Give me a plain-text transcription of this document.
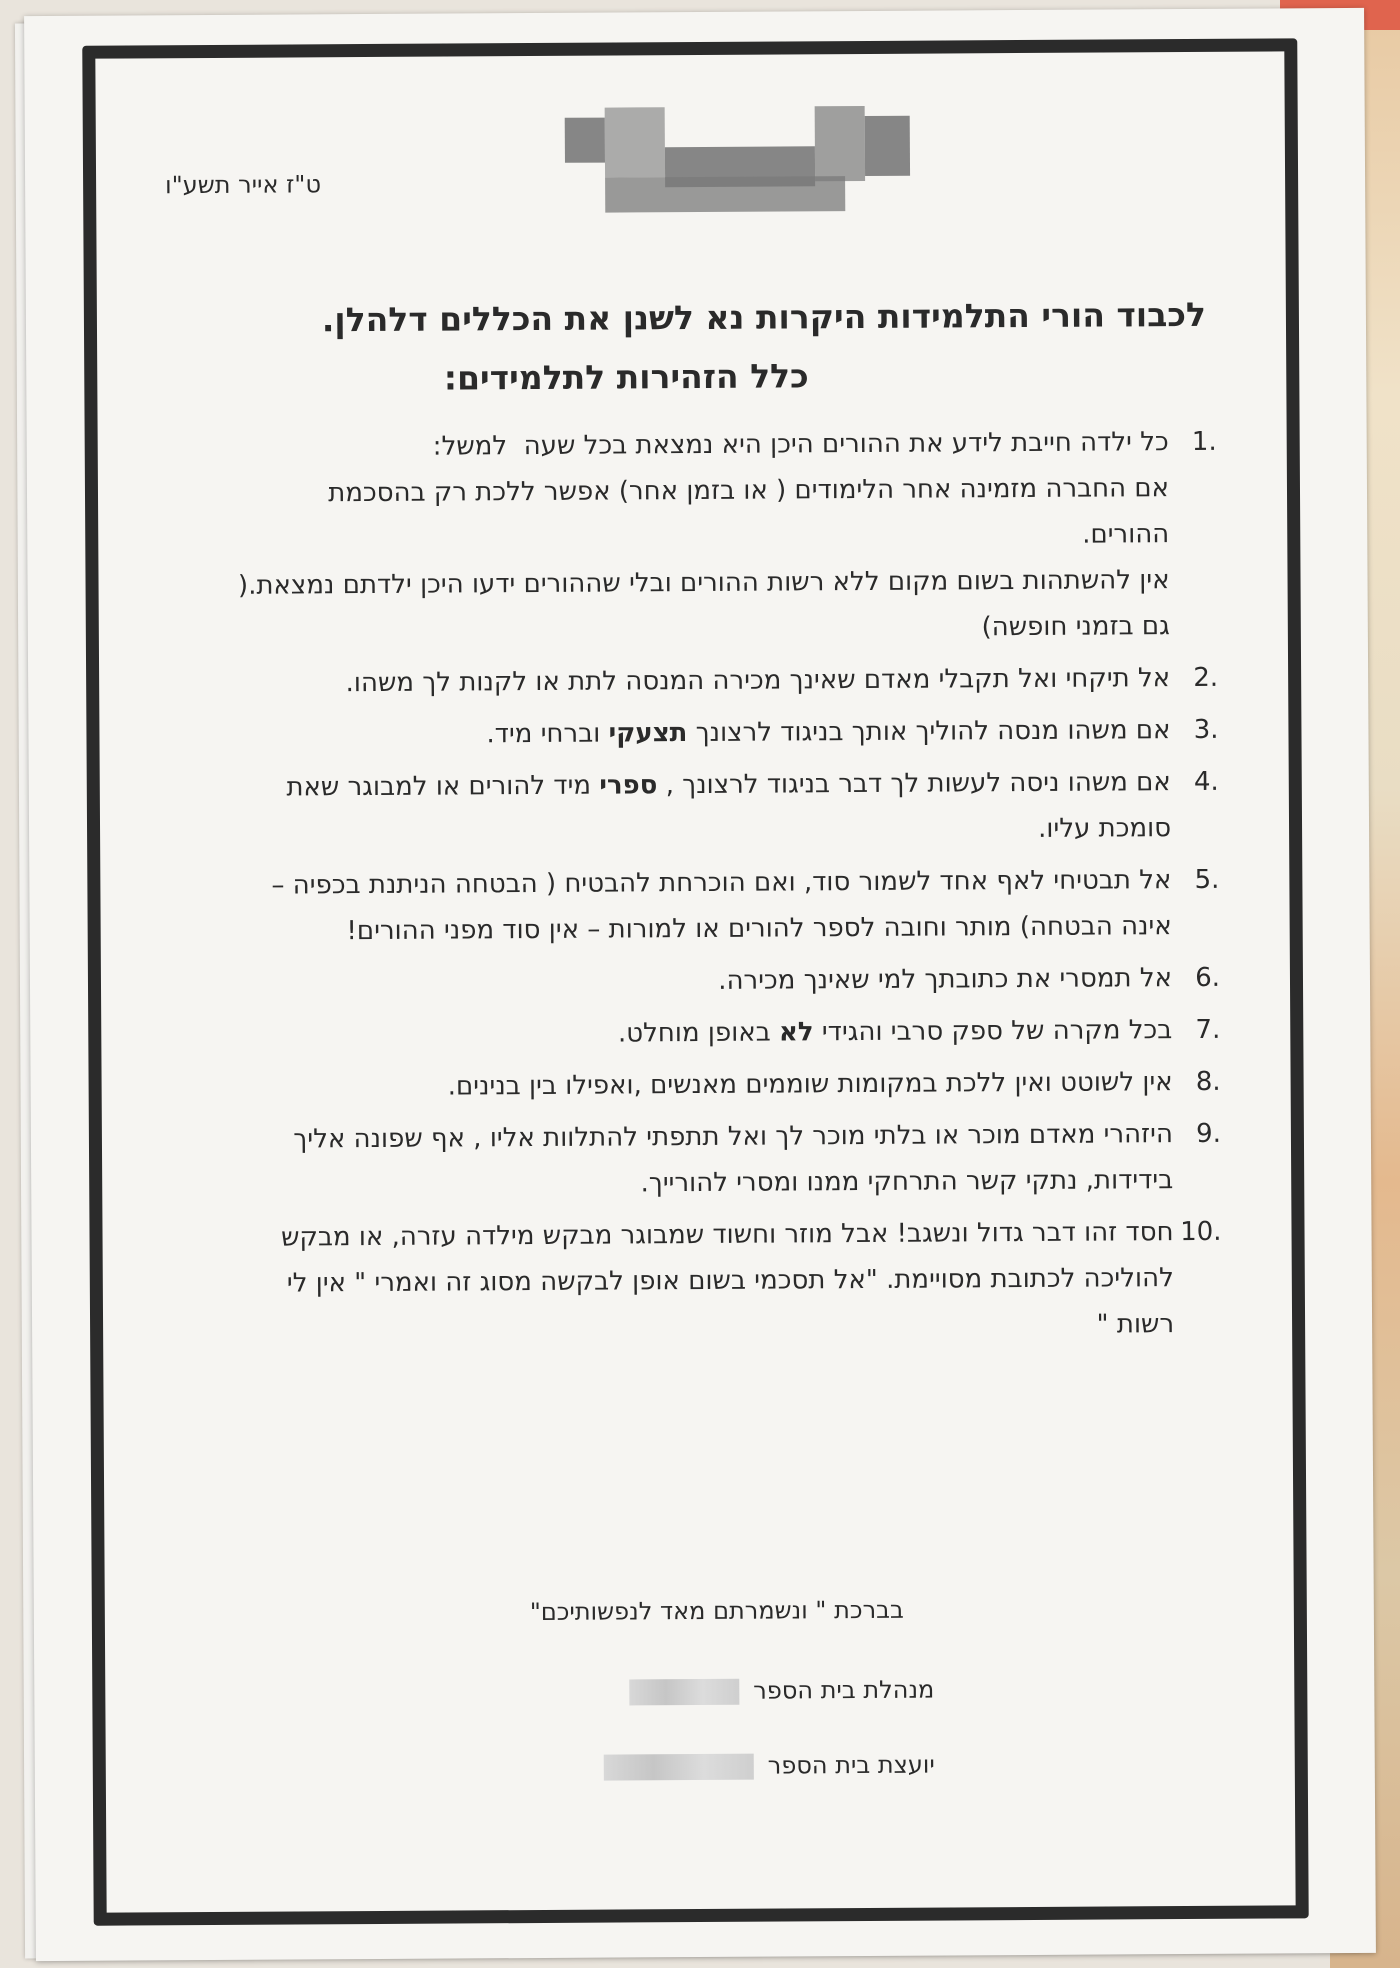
ט"ז אייר תשע"ו
לכבוד הורי התלמידות היקרות נא לשנן את הכללים דלהלן.
כלל הזהירות לתלמידים:
1.
כל ילדה חייבת לידע את ההורים היכן היא נמצאת בכל שעה  למשל:
אם החברה מזמינה אחר הלימודים ( או בזמן אחר) אפשר ללכת רק בהסכמת ההורים.
אין להשתהות בשום מקום ללא רשות ההורים ובלי שההורים ידעו היכן ילדתם נמצאת.( גם בזמני חופשה)
2.
אל תיקחי ואל תקבלי מאדם שאינך מכירה המנסה לתת או לקנות לך משהו.
3.
אם משהו מנסה להוליך אותך בניגוד לרצונך תצעקי וברחי מיד.
4.
אם משהו ניסה לעשות לך דבר בניגוד לרצונך , ספרי מיד להורים או למבוגר שאת סומכת עליו.
5.
אל תבטיחי לאף אחד לשמור סוד, ואם הוכרחת להבטיח ( הבטחה הניתנת בכפיה –אינה הבטחה) מותר וחובה לספר להורים או למורות – אין סוד מפני ההורים!
6.
אל תמסרי את כתובתך למי שאינך מכירה.
7.
בכל מקרה של ספק סרבי והגידי לא באופן מוחלט.
8.
אין לשוטט ואין ללכת במקומות שוממים מאנשים ,ואפילו בין בנינים.
9.
היזהרי מאדם מוכר או בלתי מוכר לך ואל תתפתי להתלוות אליו , אף שפונה אליך בידידות, נתקי קשר התרחקי ממנו ומסרי להורייך.
10.
חסד זהו דבר גדול ונשגב! אבל מוזר וחשוד שמבוגר מבקש מילדה עזרה, או מבקש להוליכה לכתובת מסויימת. "אל תסכמי בשום אופן לבקשה מסוג זה ואמרי " אין לי רשות "
בברכת " ונשמרתם מאד לנפשותיכם"
מנהלת בית הספר
יועצת בית הספר
